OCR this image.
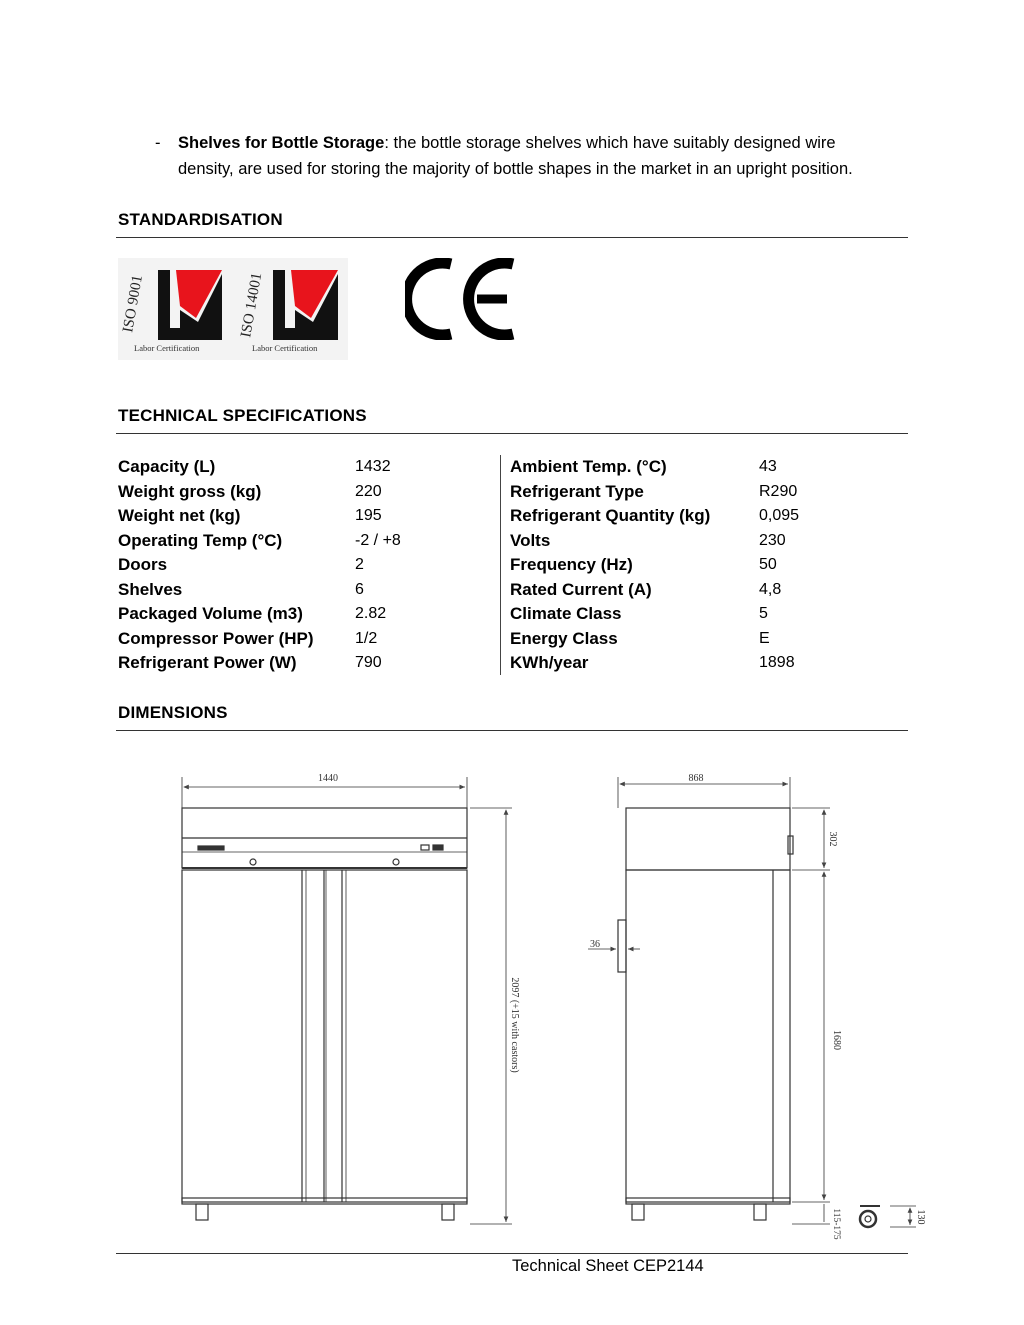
- Shelves for Bottle Storage: the bottle storage shelves which have suitably designed wire
density, are used for storing the majority of bottle shapes in the market in an upright position.
STANDARDISATION
ISO 9001
Labor Certification
ISO 14001
Labor Certification
TECHNICAL SPECIFICATIONS
Capacity (L)	1432
Weight gross (kg)	220
Weight net (kg)	195
Operating Temp (°C)	-2 / +8
Doors	2
Shelves	6
Packaged Volume (m3)	2.82
Compressor Power (HP)	1/2
Refrigerant Power (W)	790
Ambient Temp. (°C)	43
Refrigerant Type	R290
Refrigerant Quantity (kg)	0,095
Volts	230
Frequency (Hz)	50
Rated Current (A)	4,8
Climate Class	5
Energy Class	E
KWh/year	1898
DIMENSIONS
1440
2097 (+15 with castors)
868
36
302
1680
115-175	130
Technical Sheet CEP2144
